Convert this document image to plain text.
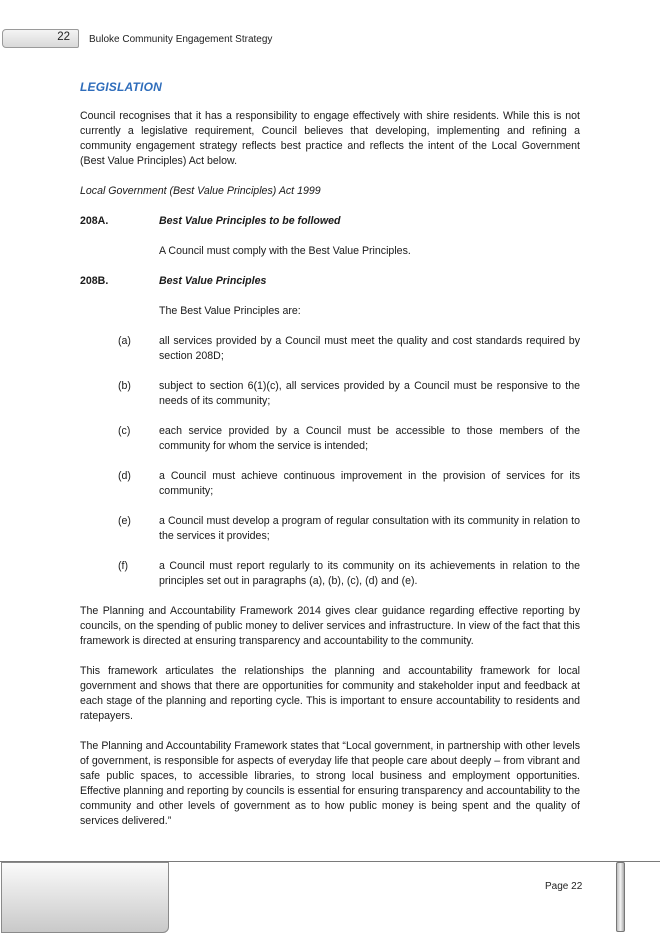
22 Buloke Community Engagement Strategy
LEGISLATION

Council recognises that it has a responsibility to engage effectively with shire residents. While this is not currently a legislative requirement, Council believes that developing, implementing and refining a community engagement strategy reflects best practice and reflects the intent of the Local Government (Best Value Principles) Act below.

Local Government (Best Value Principles) Act 1999
208A.	Best Value Principles to be followed

A Council must comply with the Best Value Principles.

208B.	Best Value Principles

The Best Value Principles are:

(a)	all services provided by a Council must meet the quality and cost standards required by section 208D;
(b)	subject to section 6(1)(c), all services provided by a Council must be responsive to the needs of its community;
(c)	each service provided by a Council must be accessible to those members of the community for whom the service is intended;
(d)	a Council must achieve continuous improvement in the provision of services for its community;
(e)	a Council must develop a program of regular consultation with its community in relation to the services it provides;
(f)	a Council must report regularly to its community on its achievements in relation to the principles set out in paragraphs (a), (b), (c), (d) and (e).

The Planning and Accountability Framework 2014 gives clear guidance regarding effective reporting by councils, on the spending of public money to deliver services and infrastructure. In view of the fact that this framework is directed at ensuring transparency and accountability to the community.

This framework articulates the relationships the planning and accountability framework for local government and shows that there are opportunities for community and stakeholder input and feedback at each stage of the planning and reporting cycle. This is important to ensure accountability to residents and ratepayers.

The Planning and Accountability Framework states that “Local government, in partnership with other levels of government, is responsible for aspects of everyday life that people care about deeply – from vibrant and safe public spaces, to accessible libraries, to strong local business and employment opportunities. Effective planning and reporting by councils is essential for ensuring transparency and accountability to the community and other levels of government as to how public money is being spent and the quality of services delivered.”

Page 22
